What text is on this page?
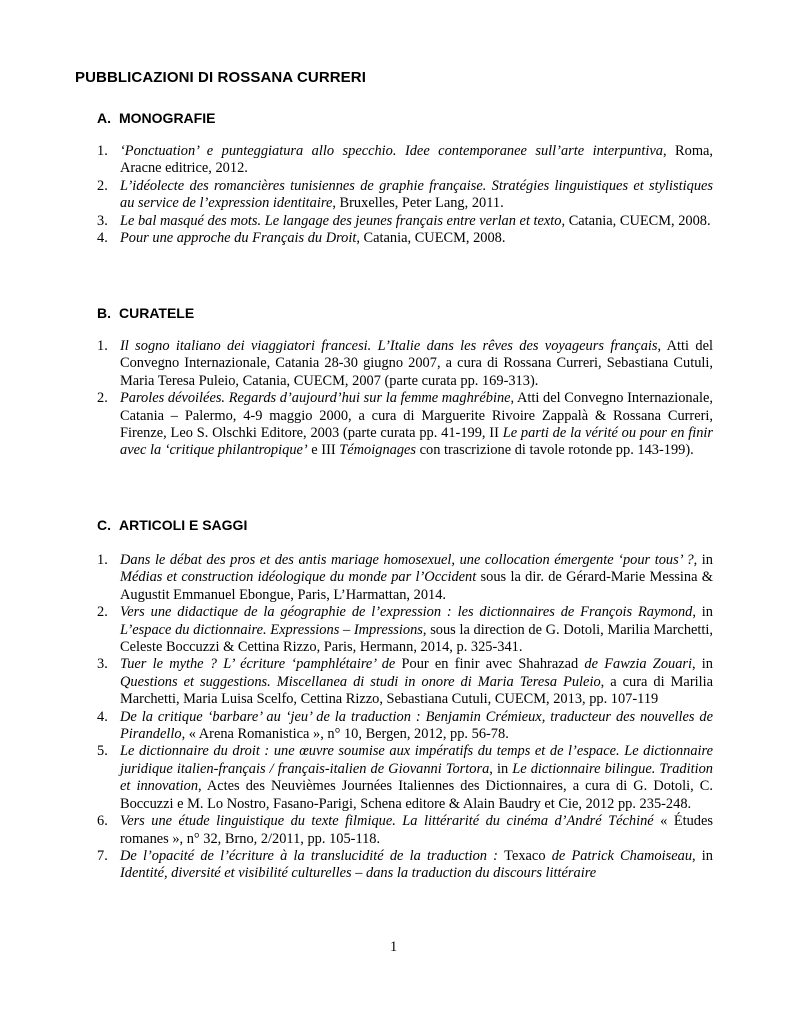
PUBBLICAZIONI DI ROSSANA CURRERI
A. MONOGRAFIE
1. ‘Ponctuation’ e punteggiatura allo specchio. Idee contemporanee sull’arte interpuntiva, Roma, Aracne editrice, 2012.
2. L’idéolecte des romancières tunisiennes de graphie française. Stratégies linguistiques et stylistiques au service de l’expression identitaire, Bruxelles, Peter Lang, 2011.
3. Le bal masqué des mots. Le langage des jeunes français entre verlan et texto, Catania, CUECM, 2008.
4. Pour une approche du Français du Droit, Catania, CUECM, 2008.
B. CURATELE
1. Il sogno italiano dei viaggiatori francesi. L’Italie dans les rêves des voyageurs français, Atti del Convegno Internazionale, Catania 28-30 giugno 2007, a cura di Rossana Curreri, Sebastiana Cutuli, Maria Teresa Puleio, Catania, CUECM, 2007 (parte curata pp. 169-313).
2. Paroles dévoilées. Regards d’aujourd’hui sur la femme maghrébine, Atti del Convegno Internazionale, Catania – Palermo, 4-9 maggio 2000, a cura di Marguerite Rivoire Zappalà & Rossana Curreri, Firenze, Leo S. Olschki Editore, 2003 (parte curata pp. 41-199, II Le parti de la vérité ou pour en finir avec la ‘critique philantropique’ e III Témoignages con trascrizione di tavole rotonde pp. 143-199).
C. ARTICOLI E SAGGI
1. Dans le débat des pros et des antis mariage homosexuel, une collocation émergente ‘pour tous’ ?, in Médias et construction idéologique du monde par l’Occident sous la dir. de Gérard-Marie Messina & Augustit Emmanuel Ebongue, Paris, L’Harmattan, 2014.
2. Vers une didactique de la géographie de l’expression : les dictionnaires de François Raymond, in L’espace du dictionnaire. Expressions – Impressions, sous la direction de G. Dotoli, Marilia Marchetti, Celeste Boccuzzi & Cettina Rizzo, Paris, Hermann, 2014, p. 325-341.
3. Tuer le mythe ? L’ écriture ‘pamphlétaire’ de Pour en finir avec Shahrazad de Fawzia Zouari, in Questions et suggestions. Miscellanea di studi in onore di Maria Teresa Puleio, a cura di Marilia Marchetti, Maria Luisa Scelfo, Cettina Rizzo, Sebastiana Cutuli, CUECM, 2013, pp. 107-119
4. De la critique ‘barbare’ au ‘jeu’ de la traduction : Benjamin Crémieux, traducteur des nouvelles de Pirandello, « Arena Romanistica », n° 10, Bergen, 2012, pp. 56-78.
5. Le dictionnaire du droit : une œuvre soumise aux impératifs du temps et de l’espace. Le dictionnaire juridique italien-français / français-italien de Giovanni Tortora, in Le dictionnaire bilingue. Tradition et innovation, Actes des Neuvièmes Journées Italiennes des Dictionnaires, a cura di G. Dotoli, C. Boccuzzi e M. Lo Nostro, Fasano-Parigi, Schena editore & Alain Baudry et Cie, 2012 pp. 235-248.
6. Vers une étude linguistique du texte filmique. La littérarité du cinéma d’André Téchiné « Études romanes », n° 32, Brno, 2/2011, pp. 105-118.
7. De l’opacité de l’écriture à la translucidité de la traduction : Texaco de Patrick Chamoiseau, in Identité, diversité et visibilité culturelles – dans la traduction du discours littéraire
1
